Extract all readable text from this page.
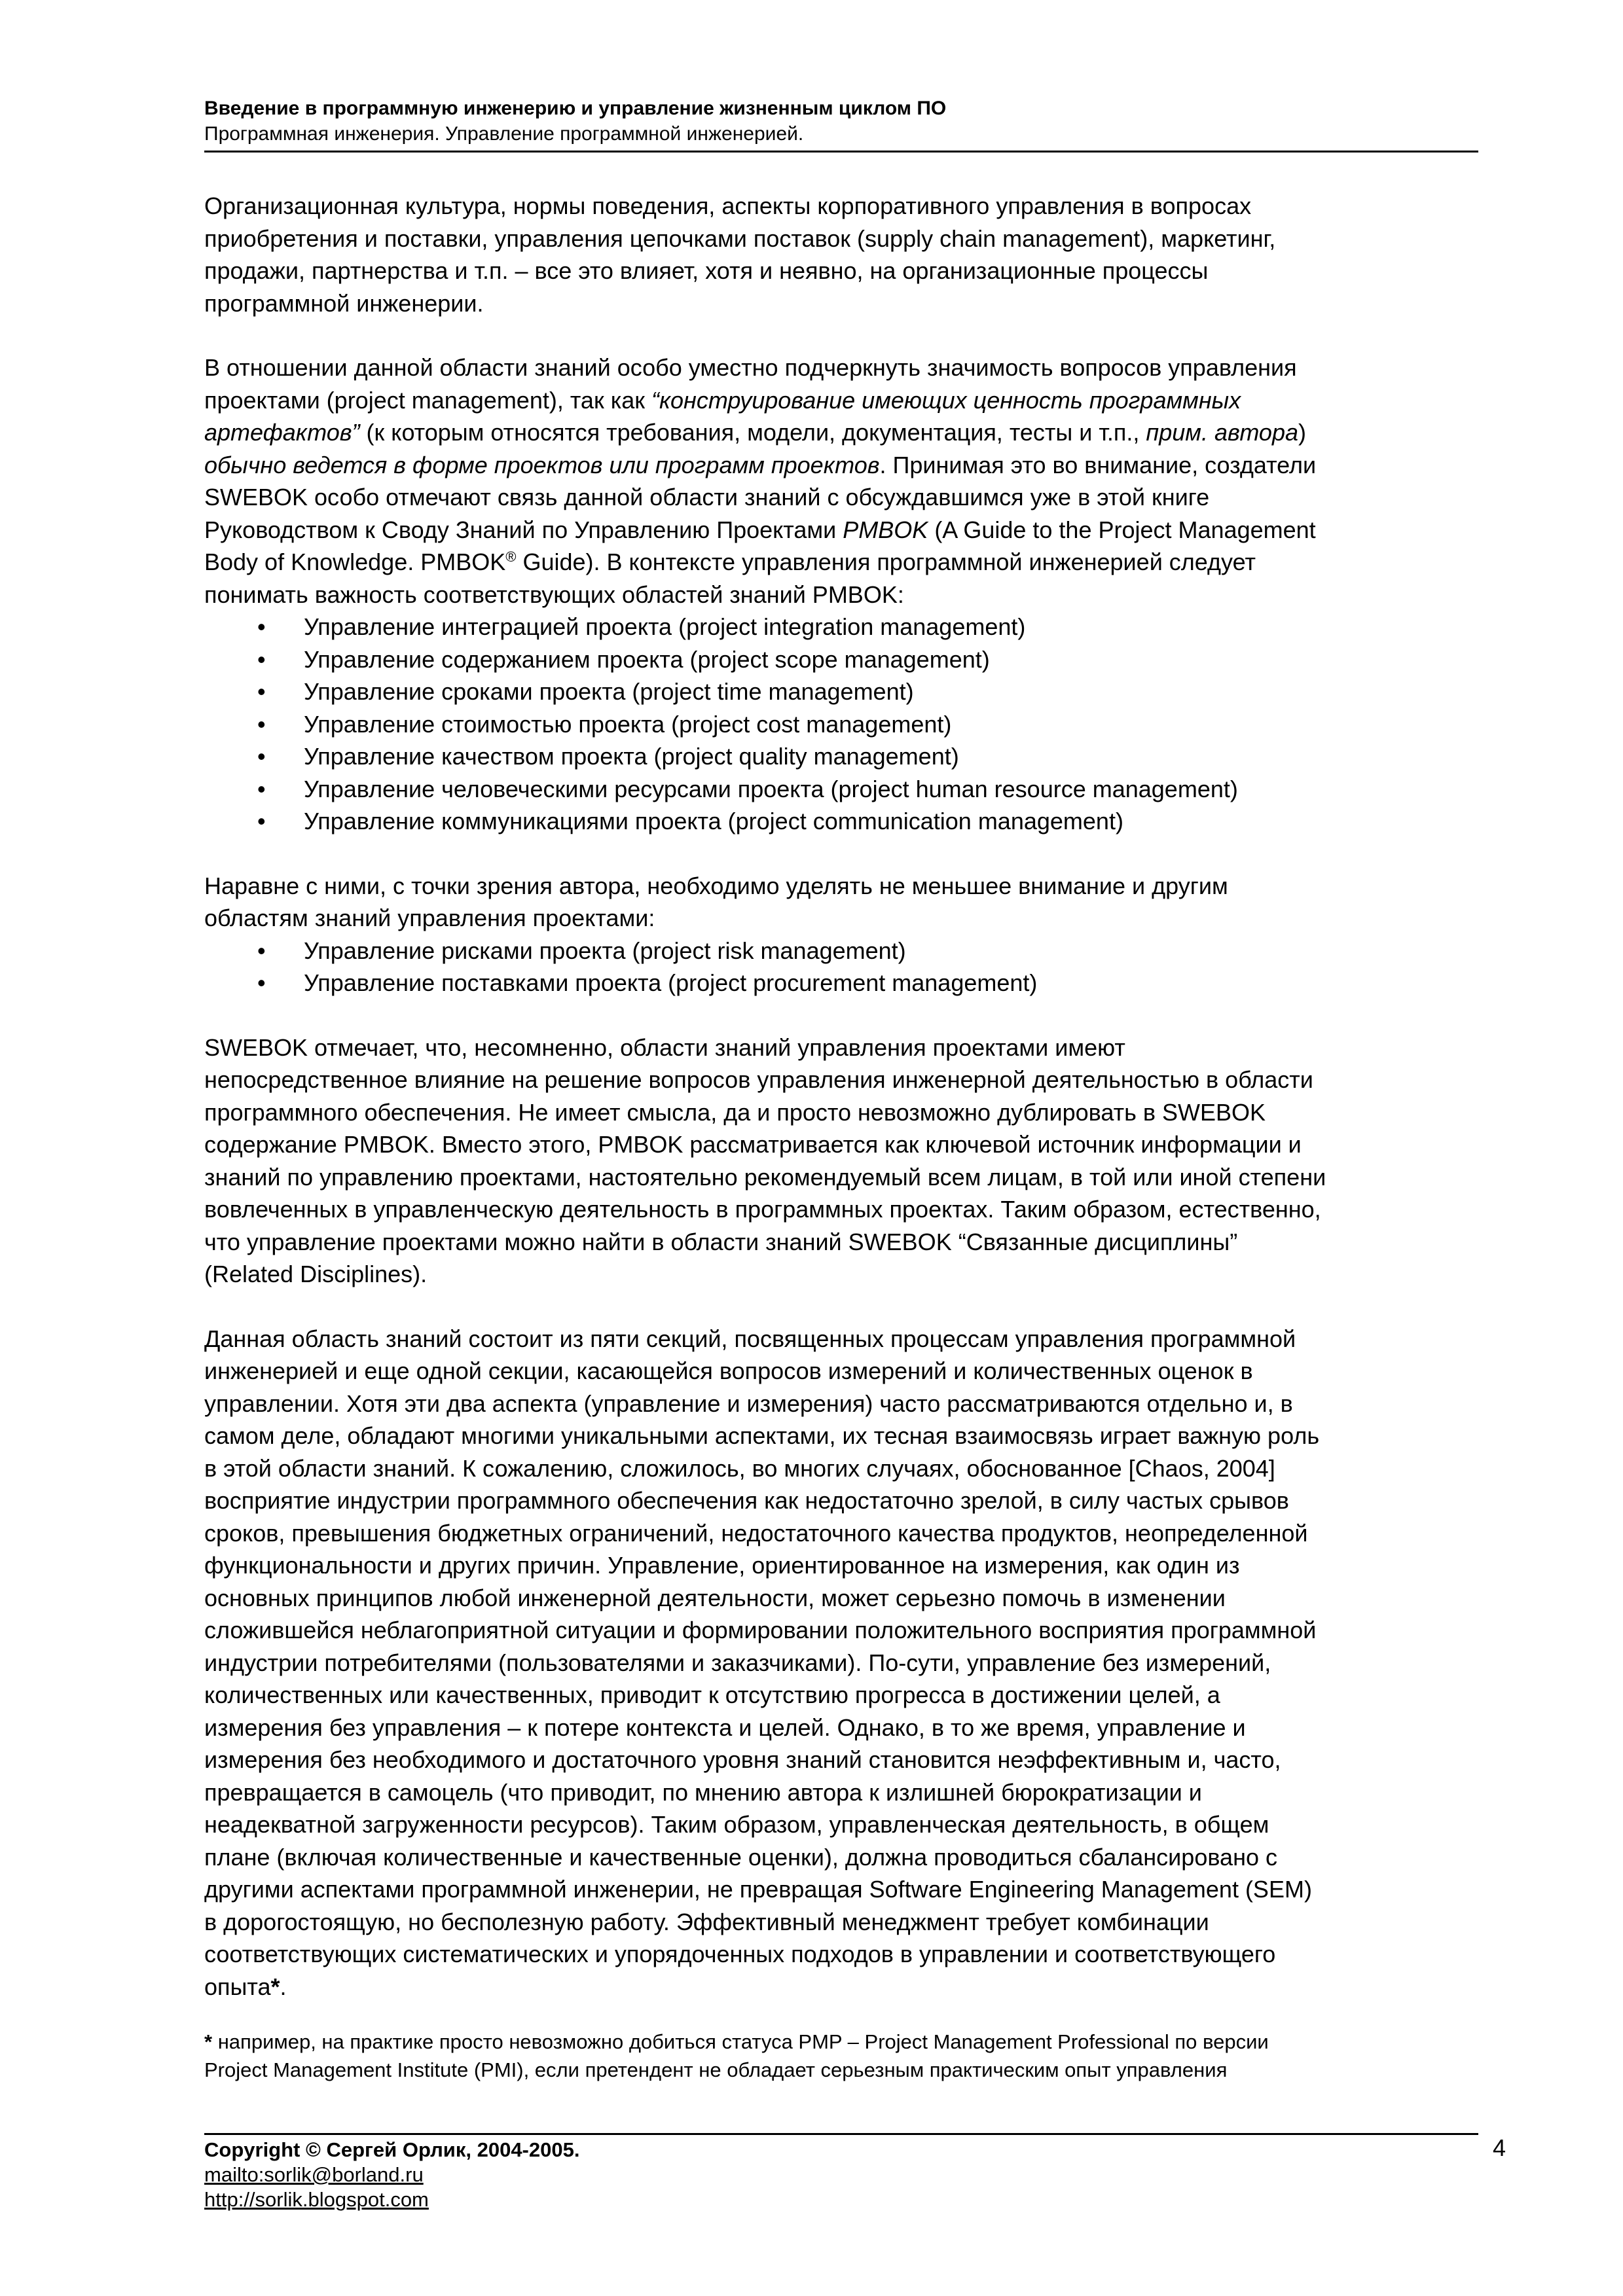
Введение в программную инженерию и управление жизненным циклом ПО
Программная инженерия. Управление программной инженерией.

Организационная культура, нормы поведения, аспекты корпоративного управления в вопросах
приобретения и поставки, управления цепочками поставок (supply chain management), маркетинг,
продажи, партнерства и т.п. – все это влияет, хотя и неявно, на организационные процессы
программной инженерии.

В отношении данной области знаний особо уместно подчеркнуть значимость вопросов управления
проектами (project management), так как “конструирование имеющих ценность программных
артефактов” (к которым относятся требования, модели, документация, тесты и т.п., прим. автора)
обычно ведется в форме проектов или программ проектов. Принимая это во внимание, создатели
SWEBOK особо отмечают связь данной области знаний с обсуждавшимся уже в этой книге
Руководством к Своду Знаний по Управлению Проектами PMBOK (A Guide to the Project Management
Body of Knowledge. PMBOK® Guide). В контексте управления программной инженерией следует
понимать важность соответствующих областей знаний PMBOK:

• Управление интеграцией проекта (project integration management)
• Управление содержанием проекта (project scope management)
• Управление сроками проекта (project time management)
• Управление стоимостью проекта (project cost management)
• Управление качеством проекта (project quality management)
• Управление человеческими ресурсами проекта (project human resource management)
• Управление коммуникациями проекта (project communication management)

Наравне с ними, с точки зрения автора, необходимо уделять не меньшее внимание и другим
областям знаний управления проектами:

• Управление рисками проекта (project risk management)
• Управление поставками проекта (project procurement management)

SWEBOK отмечает, что, несомненно, области знаний управления проектами имеют
непосредственное влияние на решение вопросов управления инженерной деятельностью в области
программного обеспечения. Не имеет смысла, да и просто невозможно дублировать в SWEBOK
содержание PMBOK. Вместо этого, PMBOK рассматривается как ключевой источник информации и
знаний по управлению проектами, настоятельно рекомендуемый всем лицам, в той или иной степени
вовлеченных в управленческую деятельность в программных проектах. Таким образом, естественно,
что управление проектами можно найти в области знаний SWEBOK “Связанные дисциплины”
(Related Disciplines).

Данная область знаний состоит из пяти секций, посвященных процессам управления программной
инженерией и еще одной секции, касающейся вопросов измерений и количественных оценок в
управлении. Хотя эти два аспекта (управление и измерения) часто рассматриваются отдельно и, в
самом деле, обладают многими уникальными аспектами, их тесная взаимосвязь играет важную роль
в этой области знаний. К сожалению, сложилось, во многих случаях, обоснованное [Chaos, 2004]
восприятие индустрии программного обеспечения как недостаточно зрелой, в силу частых срывов
сроков, превышения бюджетных ограничений, недостаточного качества продуктов, неопределенной
функциональности и других причин. Управление, ориентированное на измерения, как один из
основных принципов любой инженерной деятельности, может серьезно помочь в изменении
сложившейся неблагоприятной ситуации и формировании положительного восприятия программной
индустрии потребителями (пользователями и заказчиками). По-сути, управление без измерений,
количественных или качественных, приводит к отсутствию прогресса в достижении целей, а
измерения без управления – к потере контекста и целей. Однако, в то же время, управление и
измерения без необходимого и достаточного уровня знаний становится неэффективным и, часто,
превращается в самоцель (что приводит, по мнению автора к излишней бюрократизации и
неадекватной загруженности ресурсов). Таким образом, управленческая деятельность, в общем
плане (включая количественные и качественные оценки), должна проводиться сбалансировано с
другими аспектами программной инженерии, не превращая Software Engineering Management (SEM)
в дорогостоящую, но бесполезную работу. Эффективный менеджмент требует комбинации
соответствующих систематических и упорядоченных подходов в управлении и соответствующего
опыта*.

* например, на практике просто невозможно добиться статуса PMP – Project Management Professional по версии
Project Management Institute (PMI), если претендент не обладает серьезным практическим опыт управления
Copyright © Сергей Орлик, 2004-2005.
mailto:sorlik@borland.ru
http://sorlik.blogspot.com
4
